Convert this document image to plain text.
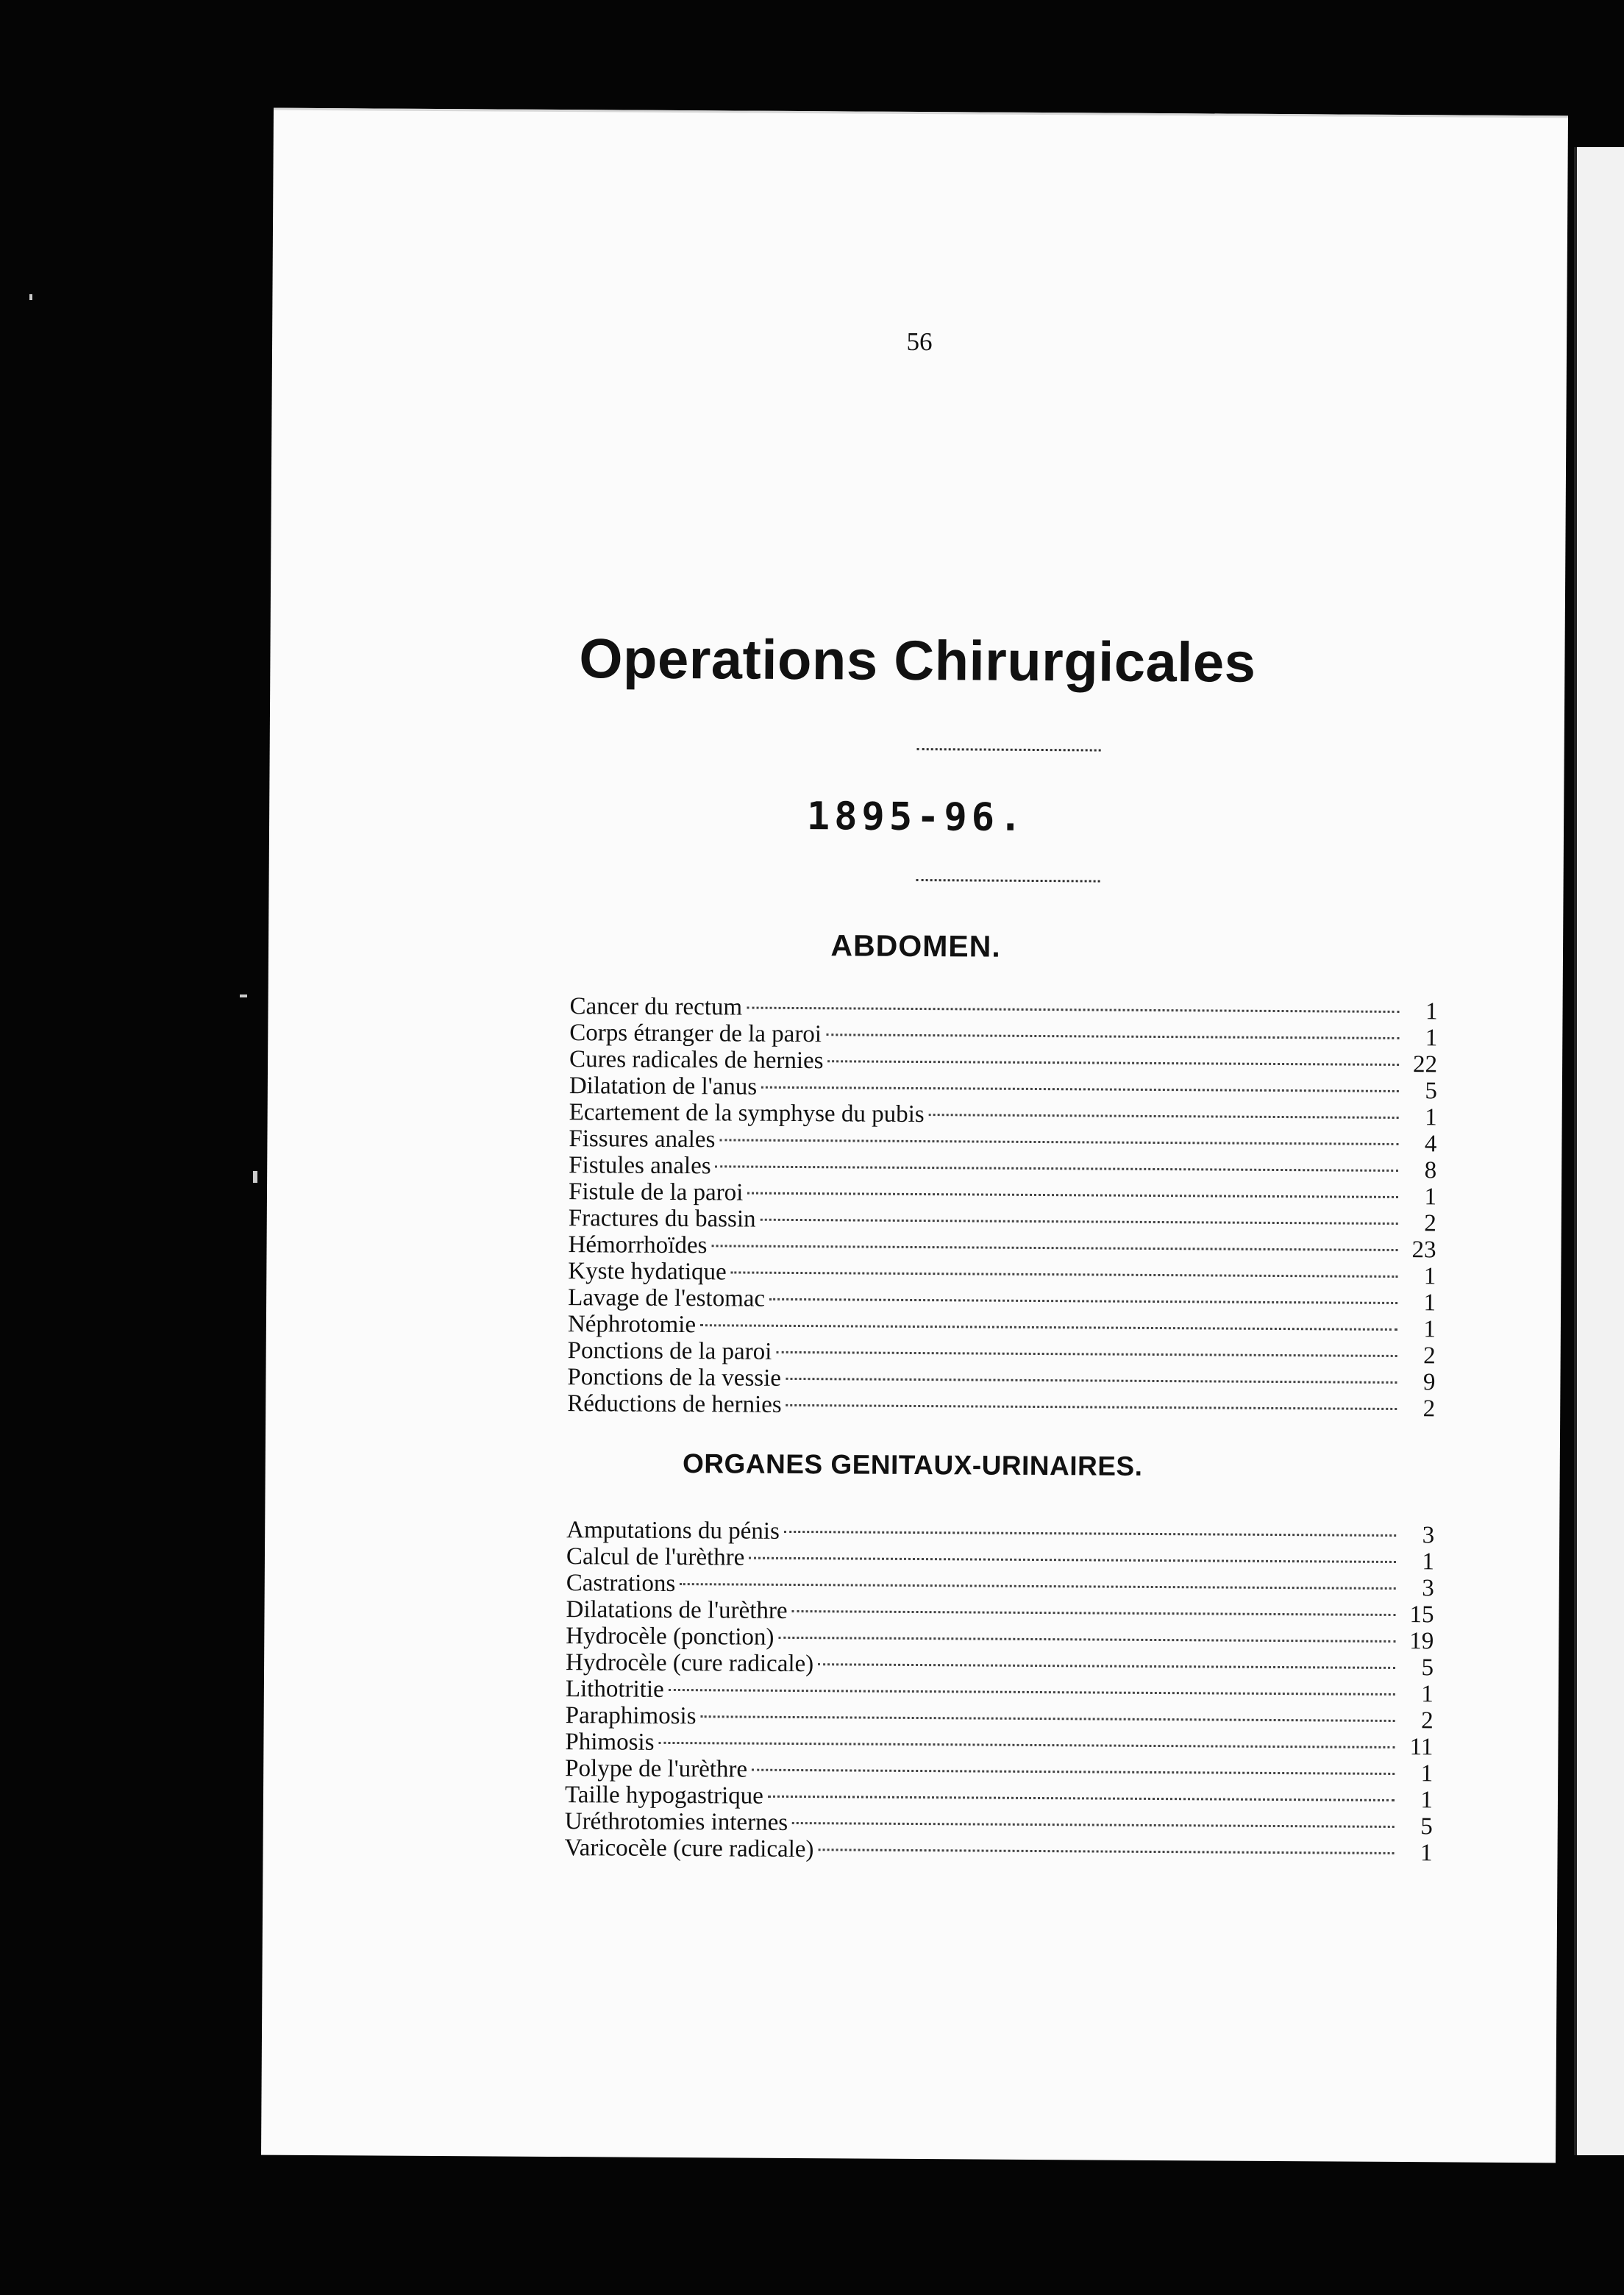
56
Operations Chirurgicales
1895-96.
ABDOMEN.
Cancer du rectum	1
Corps étranger de la paroi	1
Cures radicales de hernies	22
Dilatation de l'anus	5
Ecartement de la symphyse du pubis	1
Fissures anales	4
Fistules anales	8
Fistule de la paroi	1
Fractures du bassin	2
Hémorrhoïdes	23
Kyste hydatique	1
Lavage de l'estomac	1
Néphrotomie	1
Ponctions de la paroi	2
Ponctions de la vessie	9
Réductions de hernies	2
ORGANES GENITAUX-URINAIRES.
Amputations du pénis	3
Calcul de l'urèthre	1
Castrations	3
Dilatations de l'urèthre	15
Hydrocèle (ponction)	19
Hydrocèle (cure radicale)	5
Lithotritie	1
Paraphimosis	2
Phimosis	11
Polype de l'urèthre	1
Taille hypogastrique	1
Uréthrotomies internes	5
Varicocèle (cure radicale)	1
